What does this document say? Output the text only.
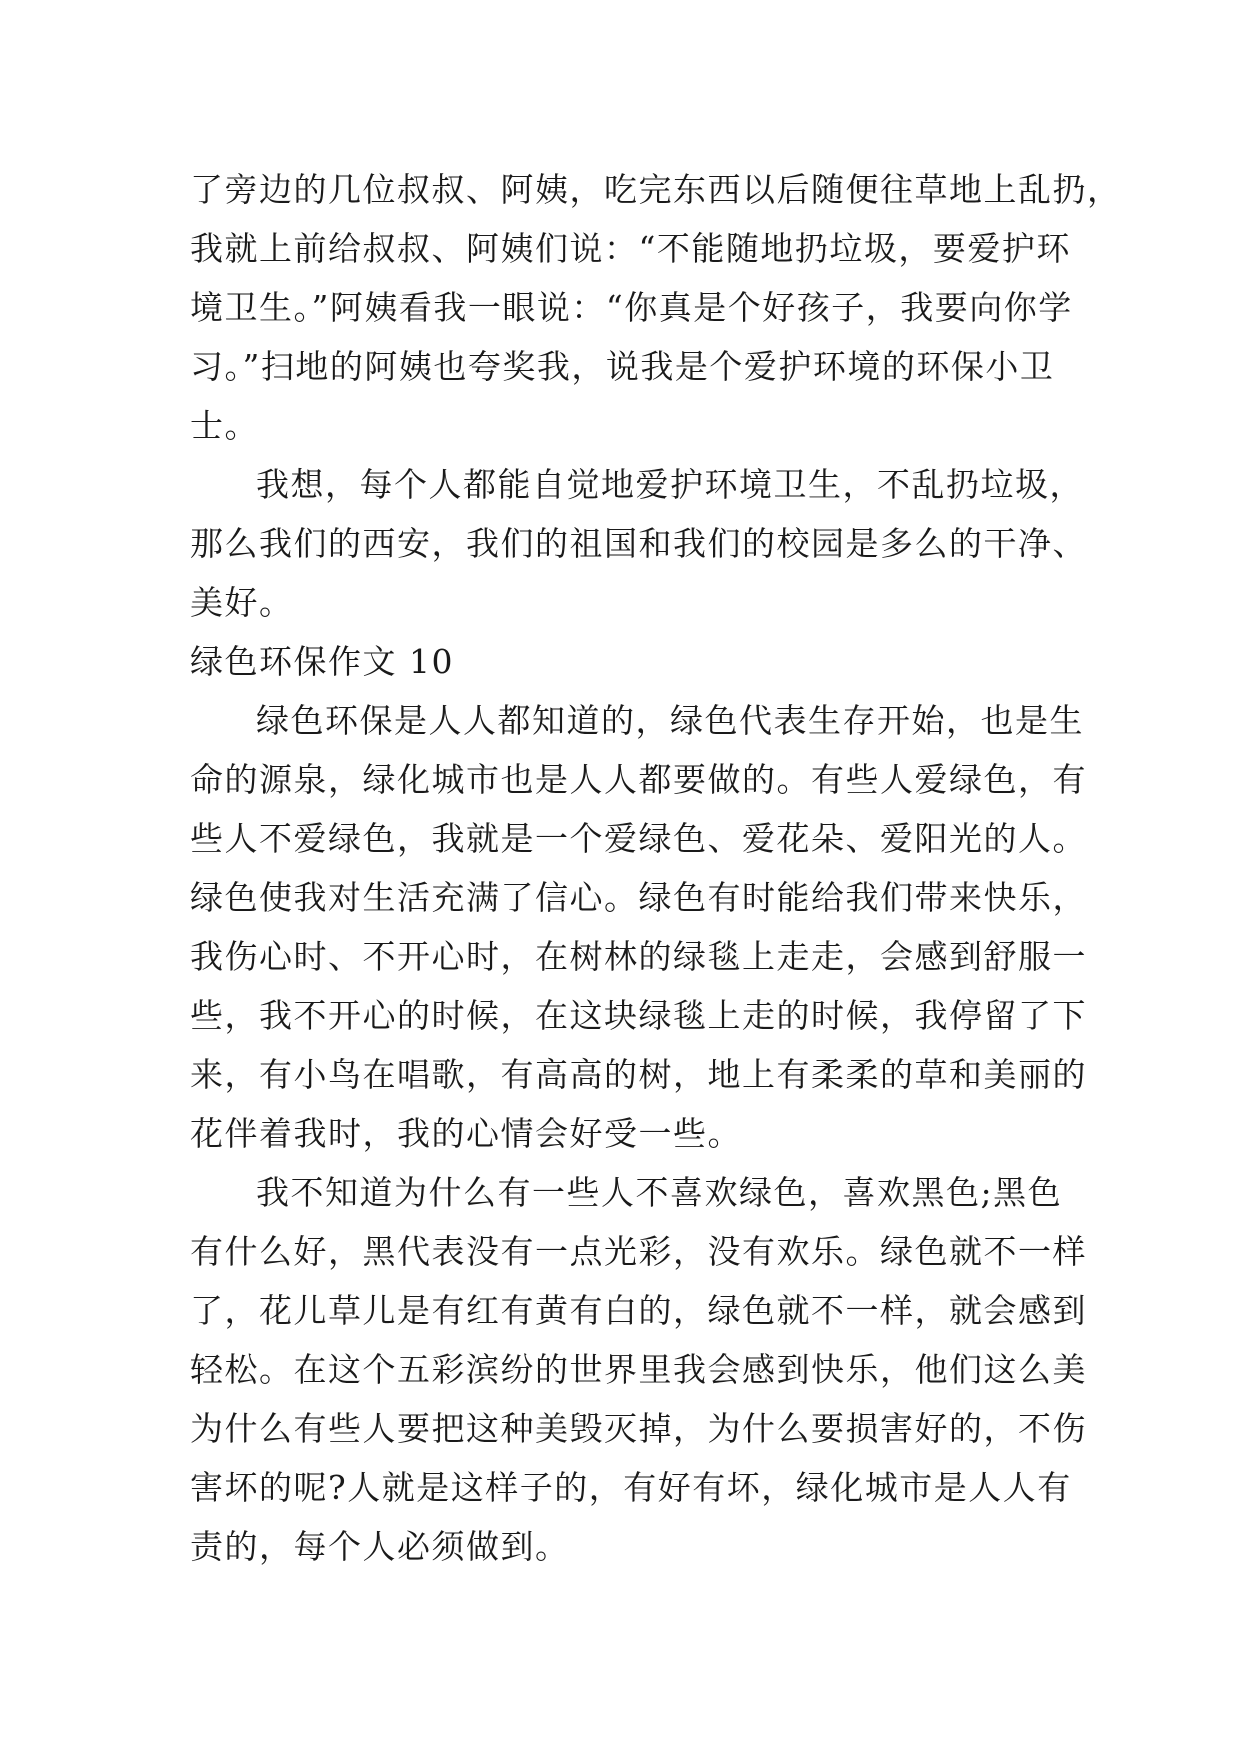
了旁边的几位叔叔、阿姨，吃完东西以后随便往草地上乱扔，
我就上前给叔叔、阿姨们说：“不能随地扔垃圾，要爱护环
境卫生。”阿姨看我一眼说：“你真是个好孩子，我要向你学
习。”扫地的阿姨也夸奖我，说我是个爱护环境的环保小卫
士。
我想，每个人都能自觉地爱护环境卫生，不乱扔垃圾，
那么我们的西安，我们的祖国和我们的校园是多么的干净、
美好。
绿色环保作文 10
绿色环保是人人都知道的，绿色代表生存开始，也是生
命的源泉，绿化城市也是人人都要做的。有些人爱绿色，有
些人不爱绿色，我就是一个爱绿色、爱花朵、爱阳光的人。
绿色使我对生活充满了信心。绿色有时能给我们带来快乐，
我伤心时、不开心时，在树林的绿毯上走走，会感到舒服一
些，我不开心的时候，在这块绿毯上走的时候，我停留了下
来，有小鸟在唱歌，有高高的树，地上有柔柔的草和美丽的
花伴着我时，我的心情会好受一些。
我不知道为什么有一些人不喜欢绿色，喜欢黑色;黑色
有什么好，黑代表没有一点光彩，没有欢乐。绿色就不一样
了，花儿草儿是有红有黄有白的，绿色就不一样，就会感到
轻松。在这个五彩滨纷的世界里我会感到快乐，他们这么美
为什么有些人要把这种美毁灭掉，为什么要损害好的，不伤
害坏的呢?人就是这样子的，有好有坏，绿化城市是人人有
责的，每个人必须做到。
